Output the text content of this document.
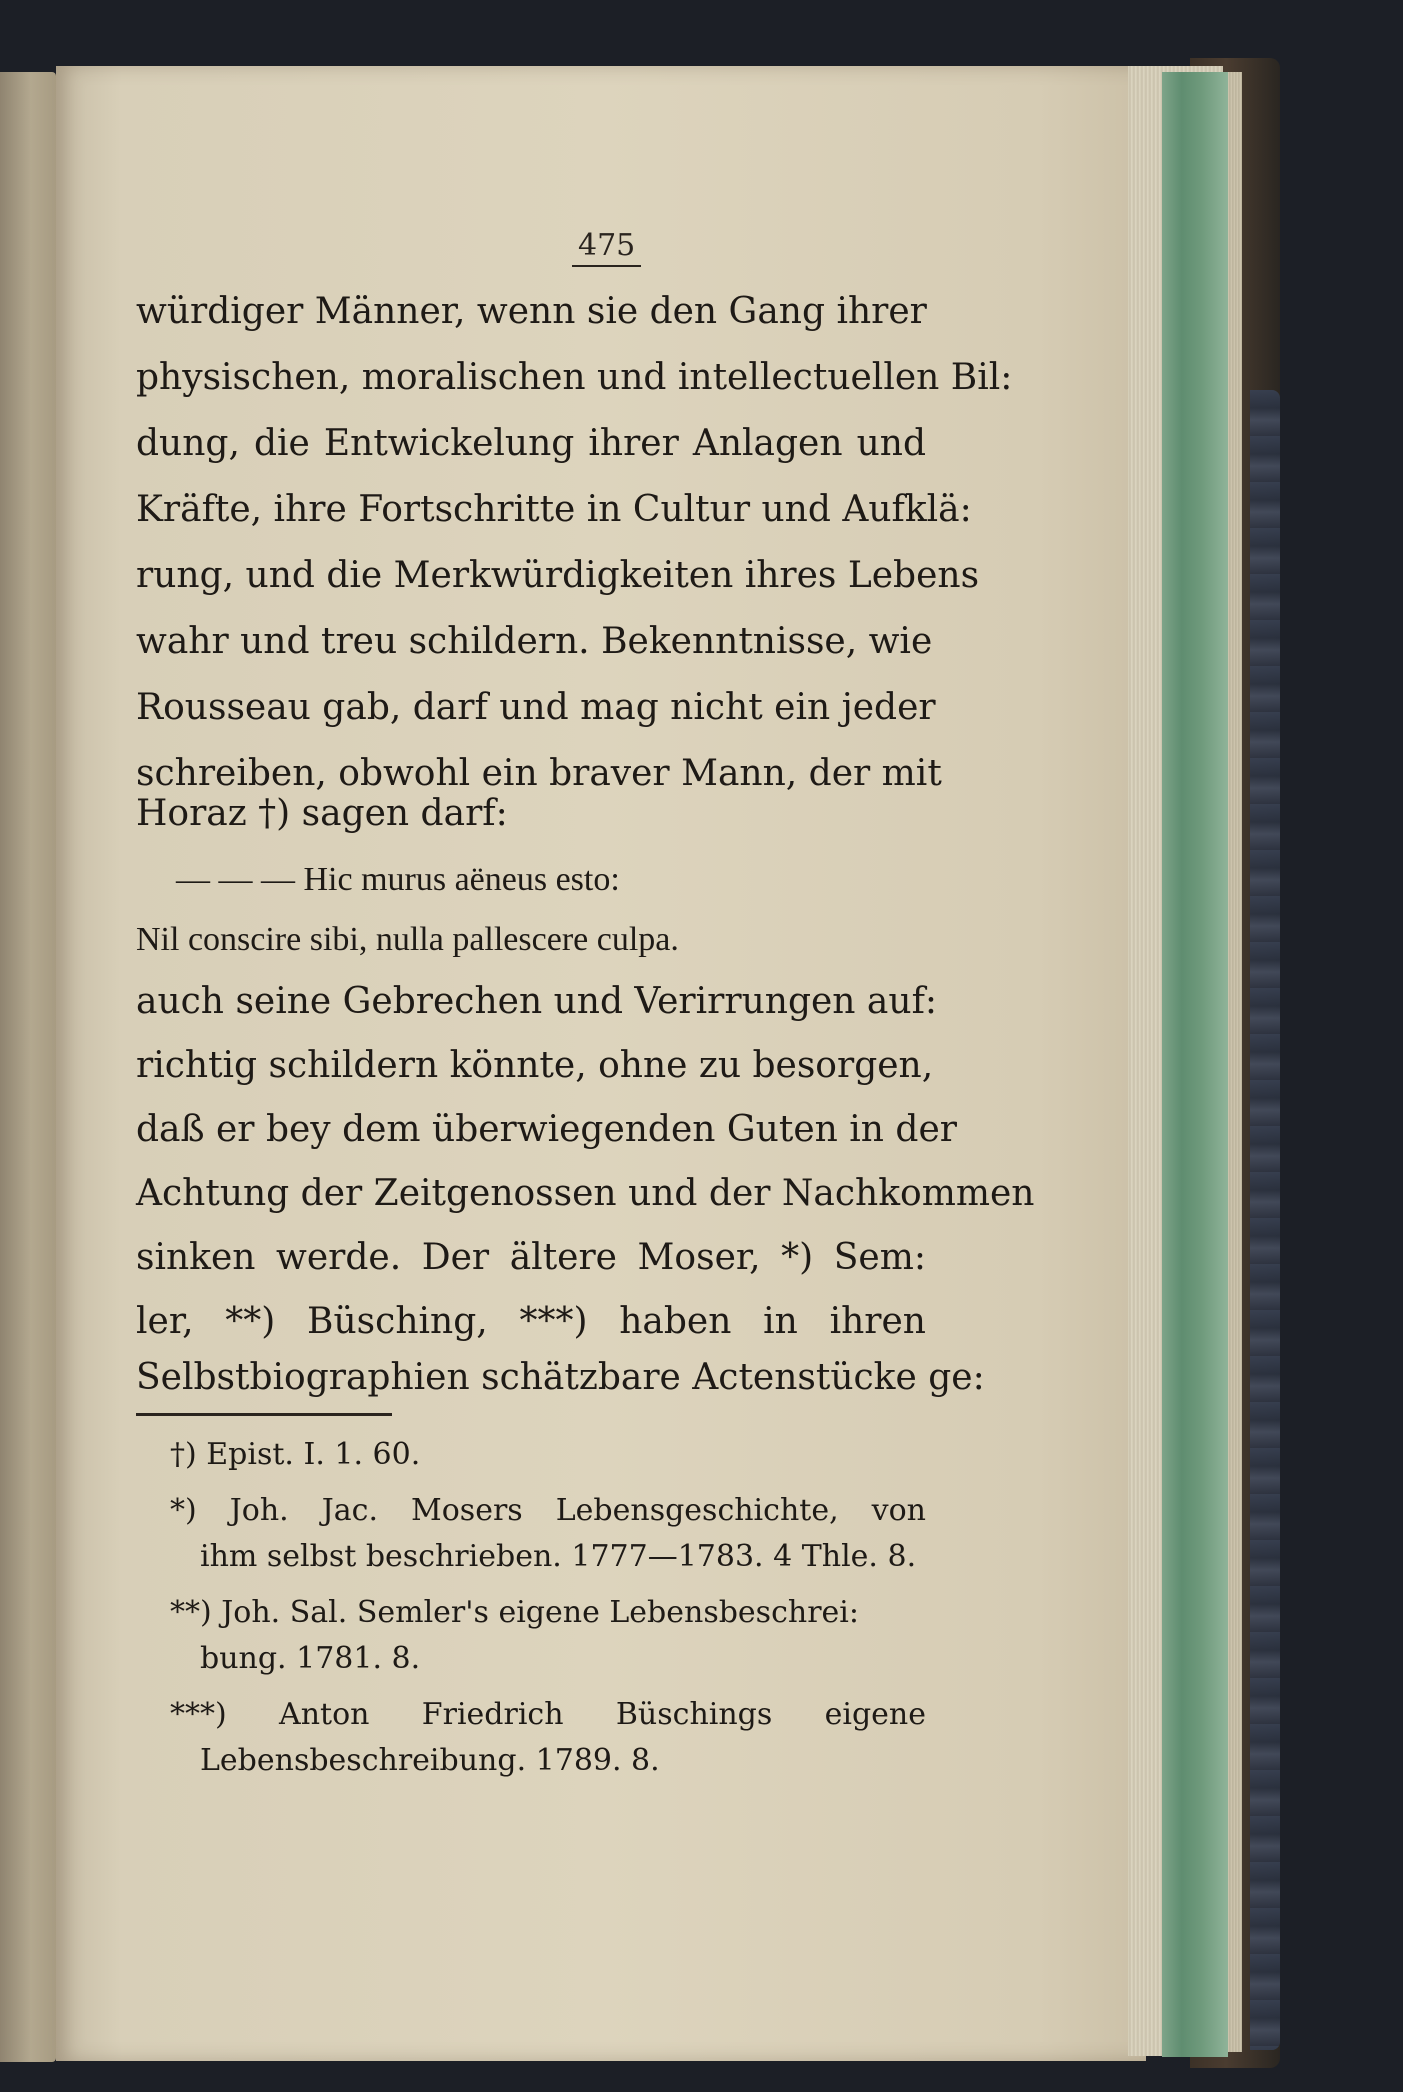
475
würdiger Männer, wenn sie den Gang ihrer
physischen, moralischen und intellectuellen Bil:
dung, die Entwickelung ihrer Anlagen und
Kräfte, ihre Fortschritte in Cultur und Aufklä:
rung, und die Merkwürdigkeiten ihres Lebens
wahr und treu schildern. Bekenntnisse, wie
Rousseau gab, darf und mag nicht ein jeder
schreiben, obwohl ein braver Mann, der mit
Horaz †) sagen darf:
— — — Hic murus aëneus esto:
Nil conscire sibi, nulla pallescere culpa.
auch seine Gebrechen und Verirrungen auf:
richtig schildern könnte, ohne zu besorgen,
daß er bey dem überwiegenden Guten in der
Achtung der Zeitgenossen und der Nachkommen
sinken werde. Der ältere Moser, *) Sem:
ler, **) Büsching, ***) haben in ihren
Selbstbiographien schätzbare Actenstücke ge:
†) Epist. I. 1. 60.
*) Joh. Jac. Mosers Lebensgeschichte, von
ihm selbst beschrieben. 1777—1783. 4 Thle. 8.
**) Joh. Sal. Semler's eigene Lebensbeschrei:
bung. 1781. 8.
***) Anton Friedrich Büschings eigene
Lebensbeschreibung. 1789. 8.
